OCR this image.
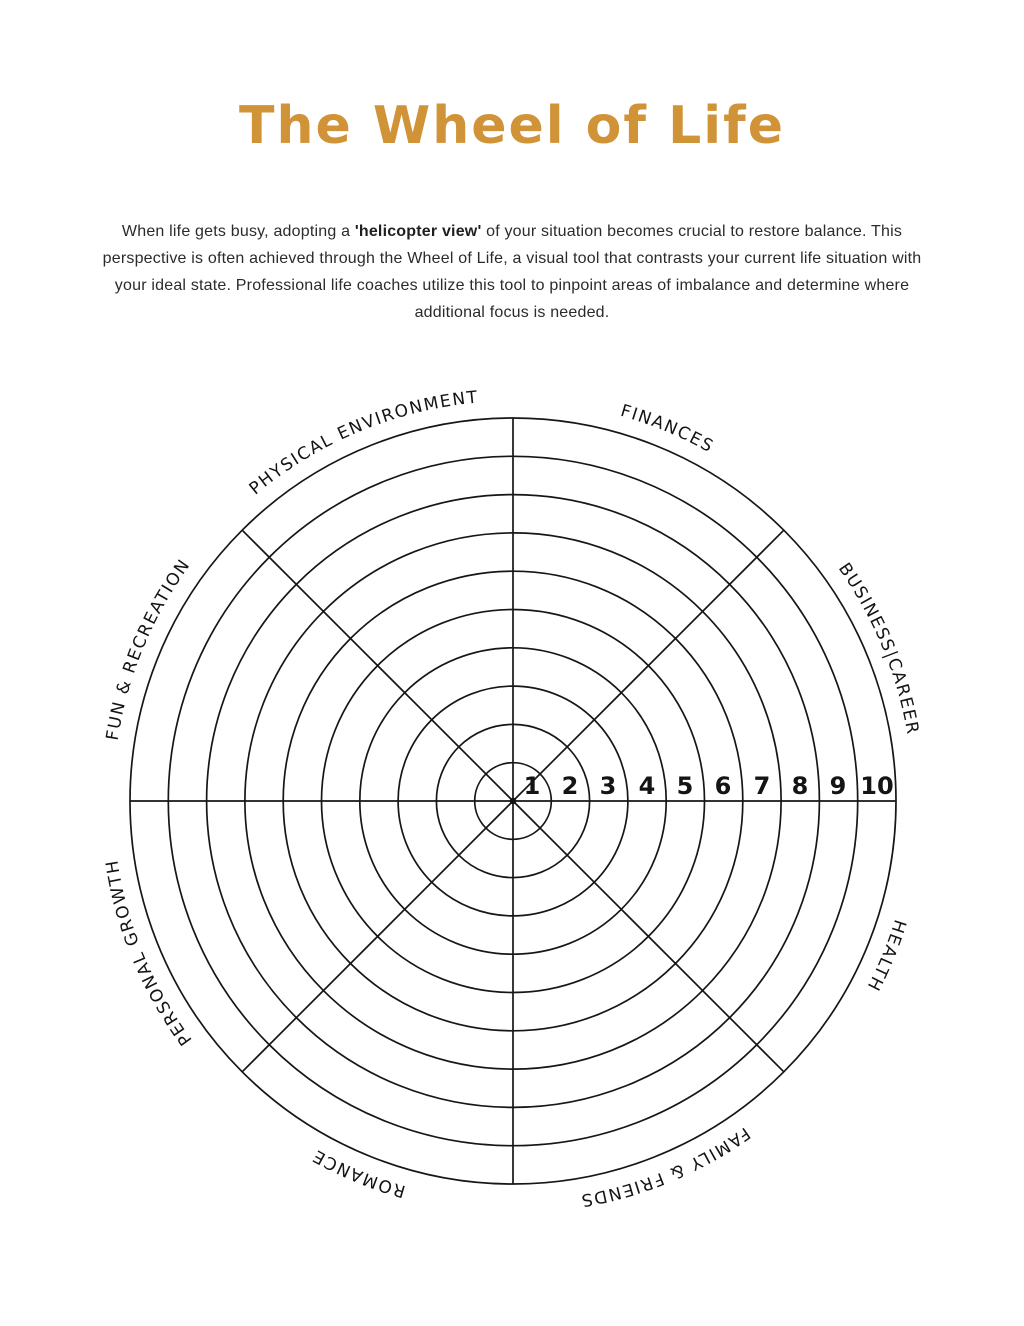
The Wheel of Life

When life gets busy, adopting a 'helicopter view' of your situation becomes crucial to restore balance. This perspective is often achieved through the Wheel of Life, a visual tool that contrasts your current life situation with your ideal state. Professional life coaches utilize this tool to pinpoint areas of imbalance and determine where additional focus is needed.

1 2 3 4 5 6 7 8 9 10
FINANCES
BUSINESS|CAREER
HEALTH
FAMILY & FRIENDS
ROMANCE
PERSONAL GROWTH
FUN & RECREATION
PHYSICAL ENVIRONMENT
